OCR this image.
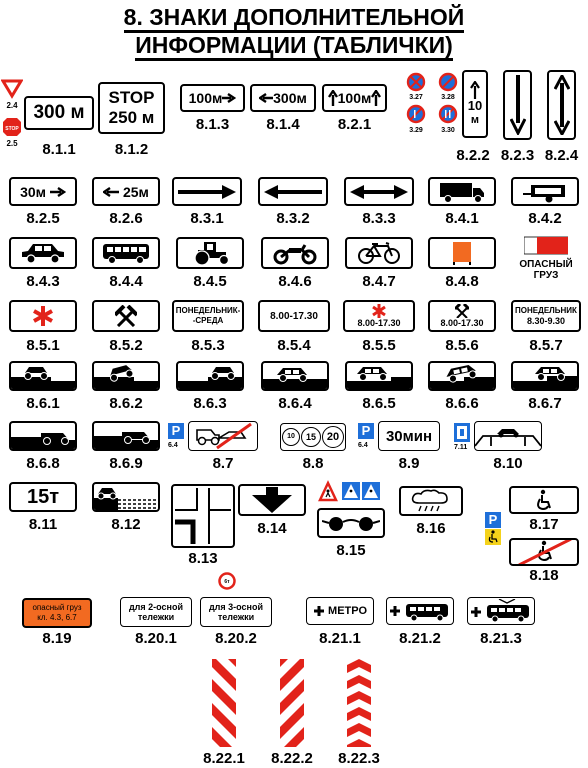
8. ЗНАКИ ДОПОЛНИТЕЛЬНОЙ
ИНФОРМАЦИИ (ТАБЛИЧКИ)
2.4
STOP
2.5
300 м
8.1.1
STOP
250 м
8.1.2
100м
8.1.3
300м
8.1.4
100м
8.2.1
3.27	3.28
3.29	3.30
10
м
8.2.2 8.2.3 8.2.4
30м

8.2.5

25м
8.2.6	8.3.1	8.3.2	8.3.3	8.4.1	8.4.2
8.4.3	8.4.4	8.4.5	8.4.6	8.4.7	8.4.8
ОПАСНЫЙ
ГРУЗ
8.5.1	8.5.2
ПОНЕДЕЛЬНИК-
-СРЕДА
8.5.3
8.00-17.30
8.5.4
8.00-17.30
8.5.5
8.00-17.30
8.5.6
ПОНЕДЕЛЬНИК
8.30-9.30
8.5.7
8.6.1	8.6.2	8.6.3	8.6.4	8.6.5	8.6.6	8.6.7
8.6.8	8.6.9
P
6.4
8.7
10	15 20
8.8
P
6.4
30мин
8.9
7.11
8.10
15т
8.11	8.12
8.13
8.14
8.15
8.16
P	8.17
8.18
опасный груз
кл. 4.3, 6.7
8.19
для 2-осной
тележки
8.20.1
6т
для 3-осной
тележки
8.20.2

МЕТРО
8.21.1	8.21.2	8.21.3
8.22.1 8.22.2 8.22.3
